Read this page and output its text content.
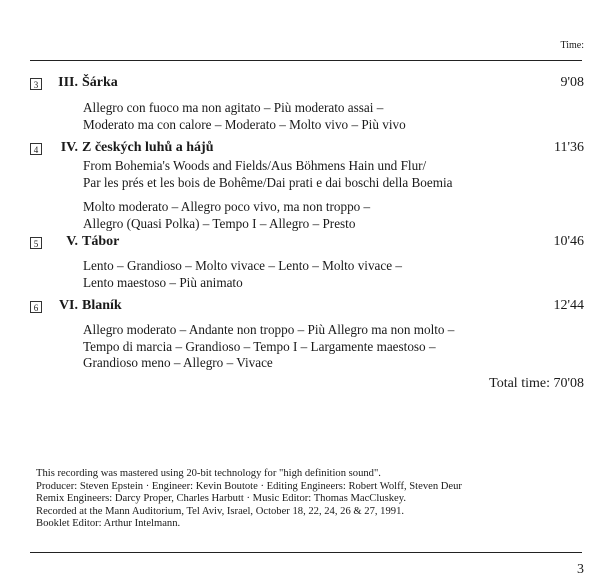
Time:
3	III. Šárka	9'08

Allegro con fuoco ma non agitato – Più moderato assai –

Moderato ma con calore – Moderato – Molto vivo – Più vivo

4	IV. Z českých luhů a hájů	11'36

From Bohemia's Woods and Fields/Aus Böhmens Hain und Flur/

Par les prés et les bois de Bohême/Dai prati e dai boschi della Boemia

Molto moderato – Allegro poco vivo, ma non troppo –

Allegro (Quasi Polka) – Tempo I – Allegro – Presto

5	V. Tábor	10'46

Lento – Grandioso – Molto vivace – Lento – Molto vivace –

Lento maestoso – Più animato

6	VI. Blaník	12'44

Allegro moderato – Andante non troppo – Più Allegro ma non molto –

Tempo di marcia – Grandioso – Tempo I – Largamente maestoso –

Grandioso meno – Allegro – Vivace

Total time: 70'08

This recording was mastered using 20-bit technology for "high definition sound".

Producer: Steven Epstein · Engineer: Kevin Boutote · Editing Engineers: Robert Wolff, Steven Deur

Remix Engineers: Darcy Proper, Charles Harbutt · Music Editor: Thomas MacCluskey.

Recorded at the Mann Auditorium, Tel Aviv, Israel, October 18, 22, 24, 26 & 27, 1991.

Booklet Editor: Arthur Intelmann.

3
